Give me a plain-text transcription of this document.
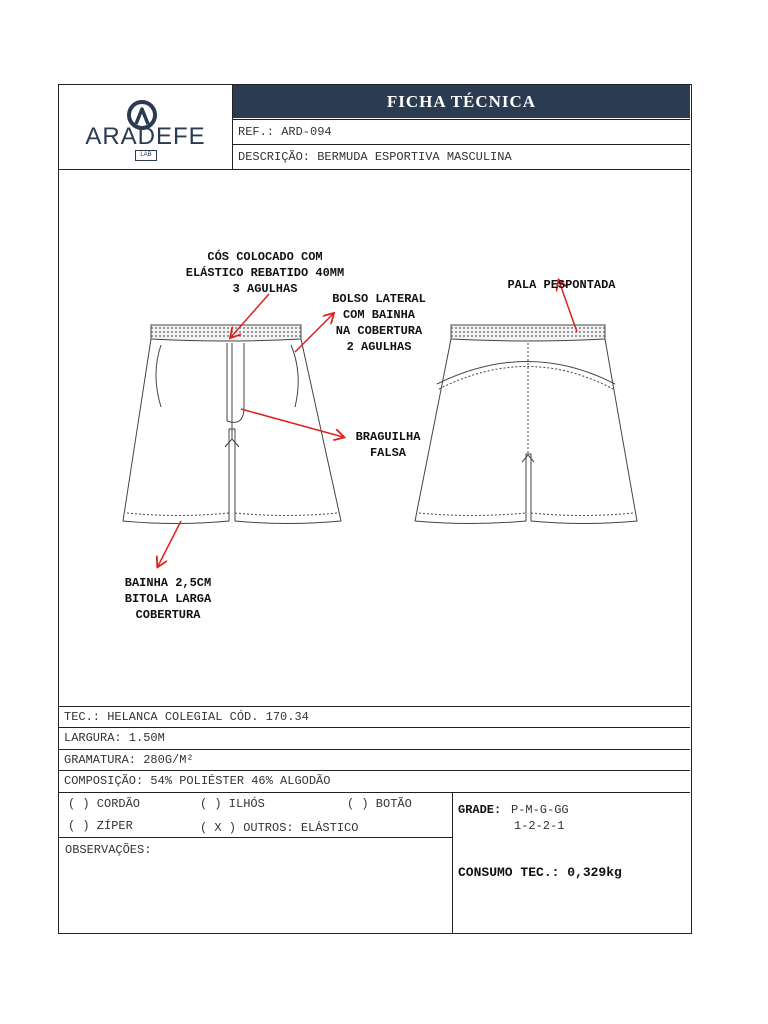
ARADEFE
LAB
FICHA TÉCNICA
REF.: ARD-094
DESCRIÇÃO: BERMUDA ESPORTIVA MASCULINA
CÓS COLOCADO COM
ELÁSTICO REBATIDO 40MM
3 AGULHAS
BOLSO LATERAL
COM BAINHA
NA COBERTURA
2 AGULHAS
PALA PESPONTADA
BRAGUILHA
FALSA
BAINHA 2,5CM
BITOLA LARGA
COBERTURA
TEC.: HELANCA COLEGIAL CÓD. 170.34
LARGURA: 1.50M
GRAMATURA: 280G/M²
COMPOSIÇÃO: 54% POLIÉSTER 46% ALGODÃO
( ) CORDÃO	( ) ILHÓS	( ) BOTÃO
( ) ZÍPER	( X ) OUTROS: ELÁSTICO
OBSERVAÇÕES:
GRADE: P-M-G-GG
1-2-2-1
CONSUMO TEC.: 0,329kg
